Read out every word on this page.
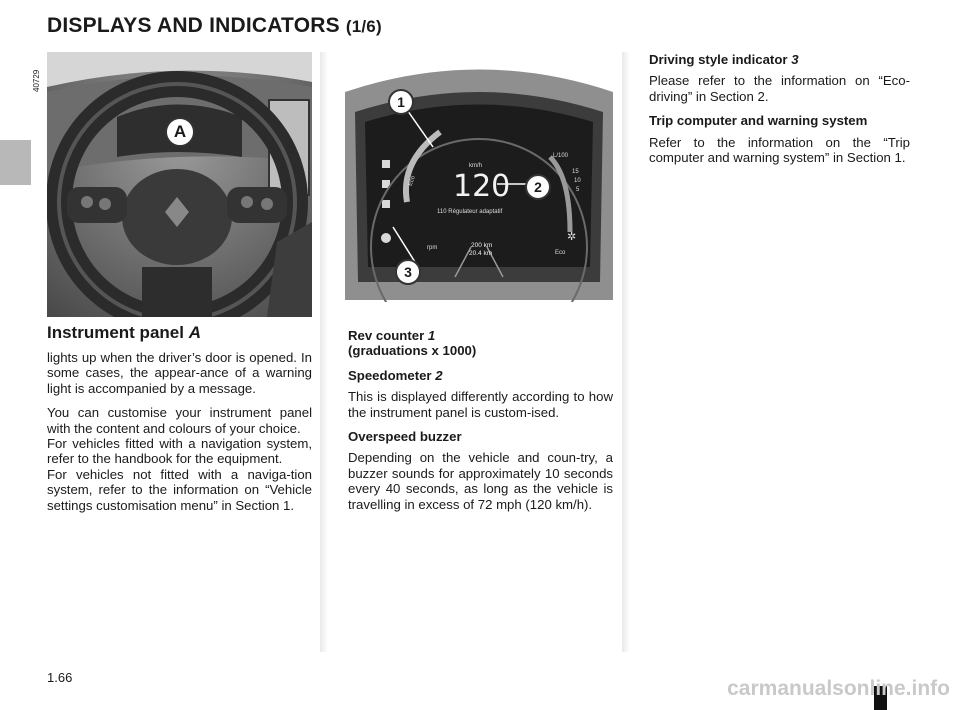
DISPLAYS AND INDICATORS (1/6)
40729
A
km/h
120
Eco
rpm
L/100
15
10
5
Eco
✲
110 Régulateur adaptatif
200 km
20.4 km
1
2
3
Instrument panel A

lights up when the driver’s door is opened. In some cases, the appear-ance of a warning light is accompanied by a message.

You can customise your instrument panel with the content and colours of your choice.
For vehicles fitted with a navigation system, refer to the handbook for the equipment.
For vehicles not fitted with a naviga-tion system, refer to the information on “Vehicle settings customisation menu” in Section 1.

Rev counter 1
(graduations x 1000)

Speedometer 2

This is displayed differently according to how the instrument panel is custom-ised.

Overspeed buzzer

Depending on the vehicle and coun-try, a buzzer sounds for approximately 10 seconds every 40 seconds, as long as the vehicle is travelling in excess of 72 mph (120 km/h).

Driving style indicator 3

Please refer to the information on “Eco-driving” in Section 2.

Trip computer and warning system

Refer to the information on the “Trip computer and warning system” in Section 1.

1.66	carmanualsonline.info
